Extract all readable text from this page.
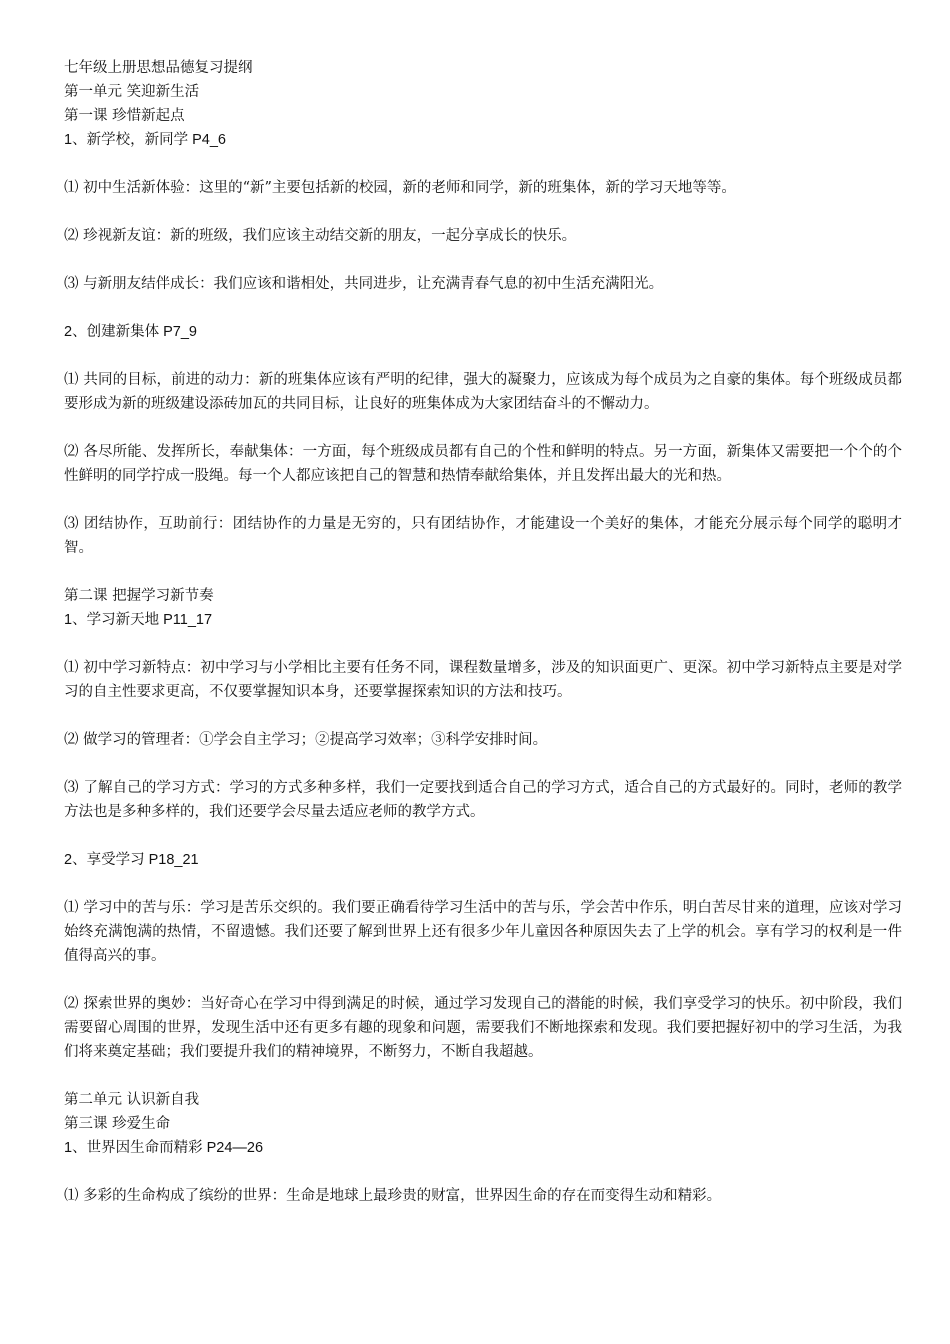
七年级上册思想品德复习提纲
第一单元 笑迎新生活
第一课 珍惜新起点
1、新学校，新同学 P4_6

⑴ 初中生活新体验：这里的“新”主要包括新的校园，新的老师和同学，新的班集体，新的学习天地等等。

⑵ 珍视新友谊：新的班级，我们应该主动结交新的朋友，一起分享成长的快乐。

⑶ 与新朋友结伴成长：我们应该和谐相处，共同进步，让充满青春气息的初中生活充满阳光。

2、创建新集体 P7_9

⑴ 共同的目标，前进的动力：新的班集体应该有严明的纪律，强大的凝聚力，应该成为每个成员为之自豪的集体。每个班级成员都要形成为新的班级建设添砖加瓦的共同目标，让良好的班集体成为大家团结奋斗的不懈动力。

⑵ 各尽所能、发挥所长，奉献集体：一方面，每个班级成员都有自己的个性和鲜明的特点。另一方面，新集体又需要把一个个的个性鲜明的同学拧成一股绳。每一个人都应该把自己的智慧和热情奉献给集体，并且发挥出最大的光和热。

⑶ 团结协作，互助前行：团结协作的力量是无穷的，只有团结协作，才能建设一个美好的集体，才能充分展示每个同学的聪明才智。

第二课 把握学习新节奏
1、学习新天地 P11_17

⑴ 初中学习新特点：初中学习与小学相比主要有任务不同，课程数量增多，涉及的知识面更广、更深。初中学习新特点主要是对学习的自主性要求更高，不仅要掌握知识本身，还要掌握探索知识的方法和技巧。

⑵ 做学习的管理者：①学会自主学习；②提高学习效率；③科学安排时间。

⑶ 了解自己的学习方式：学习的方式多种多样，我们一定要找到适合自己的学习方式，适合自己的方式最好的。同时，老师的教学方法也是多种多样的，我们还要学会尽量去适应老师的教学方式。

2、享受学习 P18_21

⑴ 学习中的苦与乐：学习是苦乐交织的。我们要正确看待学习生活中的苦与乐，学会苦中作乐，明白苦尽甘来的道理，应该对学习始终充满饱满的热情，不留遗憾。我们还要了解到世界上还有很多少年儿童因各种原因失去了上学的机会。享有学习的权利是一件值得高兴的事。

⑵ 探索世界的奥妙：当好奇心在学习中得到满足的时候，通过学习发现自己的潜能的时候，我们享受学习的快乐。初中阶段，我们需要留心周围的世界，发现生活中还有更多有趣的现象和问题，需要我们不断地探索和发现。我们要把握好初中的学习生活，为我们将来奠定基础；我们要提升我们的精神境界，不断努力，不断自我超越。

第二单元 认识新自我
第三课 珍爱生命
1、世界因生命而精彩 P24—26

⑴ 多彩的生命构成了缤纷的世界：生命是地球上最珍贵的财富，世界因生命的存在而变得生动和精彩。
